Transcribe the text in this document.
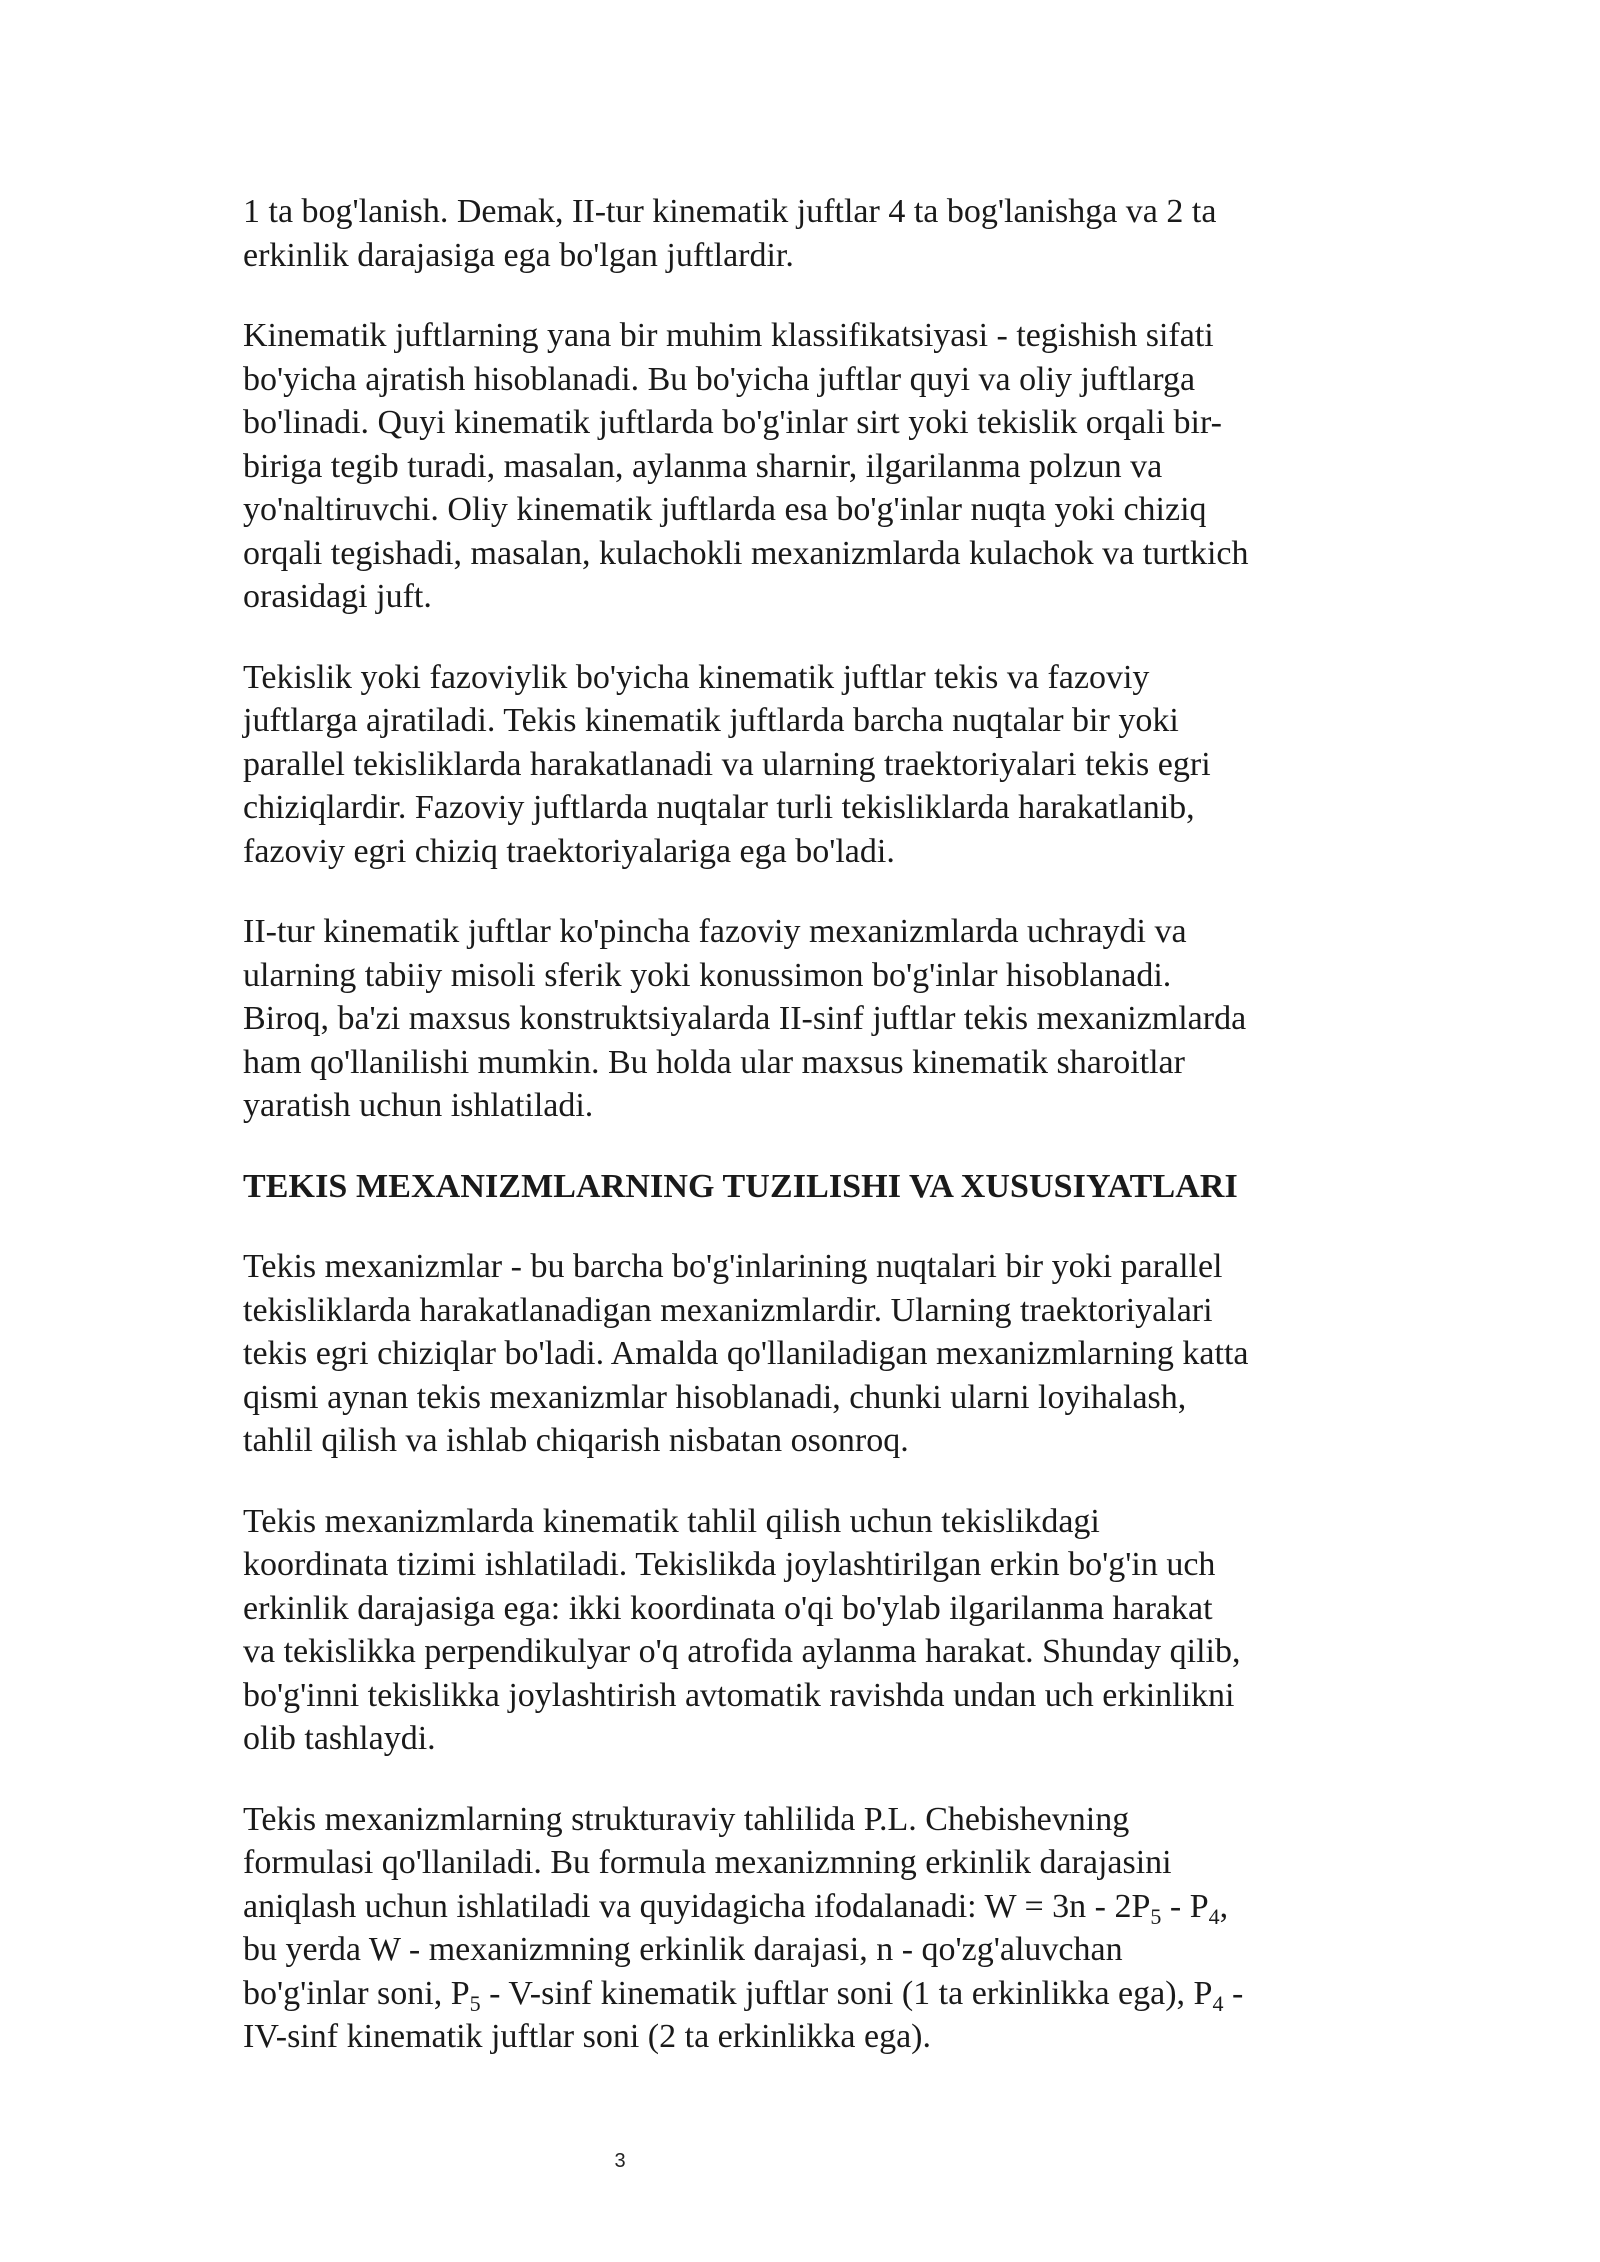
1 ta bog'lanish. Demak, II-tur kinematik juftlar 4 ta bog'lanishga va 2 ta
erkinlik darajasiga ega bo'lgan juftlardir.

Kinematik juftlarning yana bir muhim klassifikatsiyasi - tegishish sifati
bo'yicha ajratish hisoblanadi. Bu bo'yicha juftlar quyi va oliy juftlarga
bo'linadi. Quyi kinematik juftlarda bo'g'inlar sirt yoki tekislik orqali bir-
biriga tegib turadi, masalan, aylanma sharnir, ilgarilanma polzun va
yo'naltiruvchi. Oliy kinematik juftlarda esa bo'g'inlar nuqta yoki chiziq
orqali tegishadi, masalan, kulachokli mexanizmlarda kulachok va turtkich
orasidagi juft.

Tekislik yoki fazoviylik bo'yicha kinematik juftlar tekis va fazoviy
juftlarga ajratiladi. Tekis kinematik juftlarda barcha nuqtalar bir yoki
parallel tekisliklarda harakatlanadi va ularning traektoriyalari tekis egri
chiziqlardir. Fazoviy juftlarda nuqtalar turli tekisliklarda harakatlanib,
fazoviy egri chiziq traektoriyalariga ega bo'ladi.

II-tur kinematik juftlar ko'pincha fazoviy mexanizmlarda uchraydi va
ularning tabiiy misoli sferik yoki konussimon bo'g'inlar hisoblanadi.
Biroq, ba'zi maxsus konstruktsiyalarda II-sinf juftlar tekis mexanizmlarda
ham qo'llanilishi mumkin. Bu holda ular maxsus kinematik sharoitlar
yaratish uchun ishlatiladi.

TEKIS MEXANIZMLARNING TUZILISHI VA XUSUSIYATLARI

Tekis mexanizmlar - bu barcha bo'g'inlarining nuqtalari bir yoki parallel
tekisliklarda harakatlanadigan mexanizmlardir. Ularning traektoriyalari
tekis egri chiziqlar bo'ladi. Amalda qo'llaniladigan mexanizmlarning katta
qismi aynan tekis mexanizmlar hisoblanadi, chunki ularni loyihalash,
tahlil qilish va ishlab chiqarish nisbatan osonroq.

Tekis mexanizmlarda kinematik tahlil qilish uchun tekislikdagi
koordinata tizimi ishlatiladi. Tekislikda joylashtirilgan erkin bo'g'in uch
erkinlik darajasiga ega: ikki koordinata o'qi bo'ylab ilgarilanma harakat
va tekislikka perpendikulyar o'q atrofida aylanma harakat. Shunday qilib,
bo'g'inni tekislikka joylashtirish avtomatik ravishda undan uch erkinlikni
olib tashlaydi.

Tekis mexanizmlarning strukturaviy tahlilida P.L. Chebishevning
formulasi qo'llaniladi. Bu formula mexanizmning erkinlik darajasini
aniqlash uchun ishlatiladi va quyidagicha ifodalanadi: $W = 3n - 2P_5 - P_4$,
bu yerda W - mexanizmning erkinlik darajasi, n - qo'zg'aluvchan
bo'g'inlar soni, $P_5 - V-\sin f$ kinematik juftlar soni (1 ta erkinlikka ega), $P_4$ -
IV-sinf kinematik juftlar soni (2 ta erkinlikka ega).

3
